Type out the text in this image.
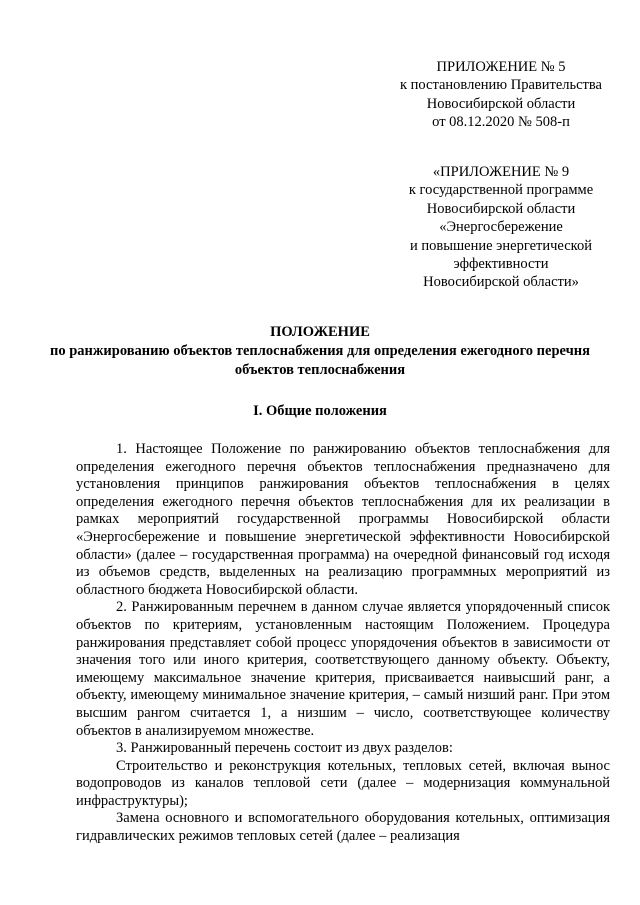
ПРИЛОЖЕНИЕ № 5
к постановлению Правительства
Новосибирской области
от 08.12.2020 № 508-п
«ПРИЛОЖЕНИЕ № 9
к государственной программе
Новосибирской области
«Энергосбережение
и повышение энергетической
эффективности
Новосибирской области»
ПОЛОЖЕНИЕ
по ранжированию объектов теплоснабжения для определения ежегодного перечня объектов теплоснабжения
I. Общие положения

1. Настоящее Положение по ранжированию объектов теплоснабжения для определения ежегодного перечня объектов теплоснабжения предназначено для установления принципов ранжирования объектов теплоснабжения в целях определения ежегодного перечня объектов теплоснабжения для их реализации в рамках мероприятий государственной программы Новосибирской области «Энергосбережение и повышение энергетической эффективности Новосибирской области» (далее – государственная программа) на очередной финансовый год исходя из объемов средств, выделенных на реализацию программных мероприятий из областного бюджета Новосибирской области.

2. Ранжированным перечнем в данном случае является упорядоченный список объектов по критериям, установленным настоящим Положением. Процедура ранжирования представляет собой процесс упорядочения объектов в зависимости от значения того или иного критерия, соответствующего данному объекту. Объекту, имеющему максимальное значение критерия, присваивается наивысший ранг, а объекту, имеющему минимальное значение критерия, – самый низший ранг. При этом высшим рангом считается 1, а низшим – число, соответствующее количеству объектов в анализируемом множестве.

3. Ранжированный перечень состоит из двух разделов:

Строительство и реконструкция котельных, тепловых сетей, включая вынос водопроводов из каналов тепловой сети (далее – модернизация коммунальной инфраструктуры);

Замена основного и вспомогательного оборудования котельных, оптимизация гидравлических режимов тепловых сетей (далее – реализация
